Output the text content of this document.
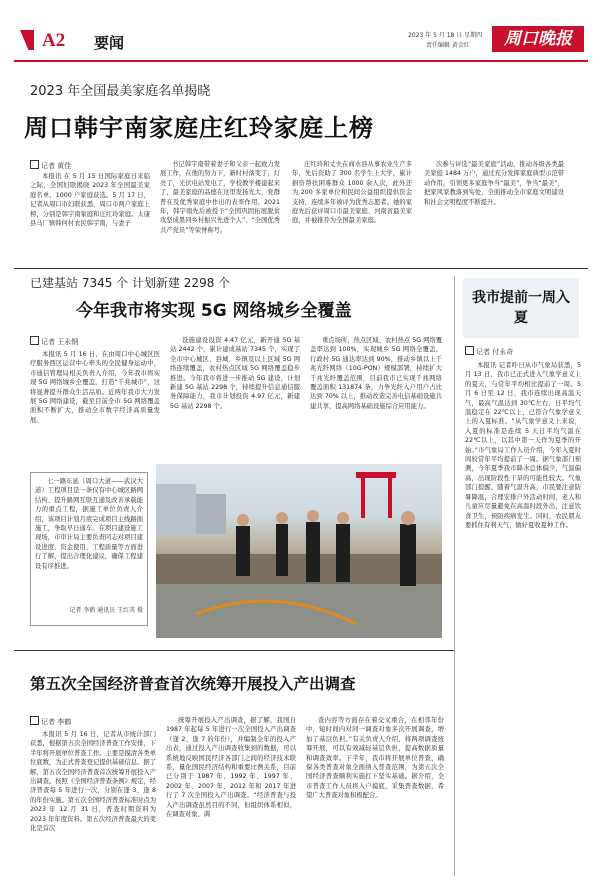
A2 要闻	2023 年 5 月 18 日 星期四
责任编辑 黄金红	周口晚报
2023 年全国最美家庭名单揭晓
周口韩宇南家庭庄红玲家庭上榜
记者 黄佳

本报讯 在 5 月 15 日国际家庭日来临之际，全国妇联揭晓 2023 年全国最美家庭名单，1000 户家庭获选。5 月 17 日，记者从周口市妇联获悉，周口市两户家庭上榜，分别是韩宇南家庭和庄红玲家庭。太康县马厂镇韩何村农民韩宇南，与妻子

书记韩宇南带着妻子和父亲一起致力发展工作，在他的努力下，新时村落变了，灯亮了，光伏电站发电了，学校教学楼建起来了，最美家庭的品德在这里发扬光大，党群普在及优秀家庭中作出的表率作用。2021 年，韩宇南先后被授予“全国巩固拓展脱贫攻坚成果同乡村振兴先进个人”、“全国优秀共产党员”等荣誉称号。

庄红玲和丈夫在商水县从事农业生产多年，先后资助了 300 名学生上大学，累计捐资帮扶困难群众 1000 余人次，此外还为 200 多家单位和民间公益组织提供资金支持，连续多年被评为优秀志愿者。她的家庭先后获评周口市最美家庭、河南省最美家庭，并被推荐为全国最美家庭。

次参与评选“最美家庭”活动，推动各级各类最美家庭 1484 万户，通过充分发挥家庭典型示范带动作用，引领更多家庭争当“最美”，争当“最美”，把家风家教落到实处，全面推动全市家庭文明建设和社会文明程度不断提升。

已建基站 7345 个 计划新建 2298 个
今年我市将实现 5G 网络城乡全覆盖
记者 王永钢

本报讯 5 月 16 日，在由周口中心城区医疗服务西区运营中心牵头的全民健身运动中，市通信管理局相关负责人介绍，今年我市将实现 5G 网络城乡全覆盖，打造“千兆城市”，这将显著提升群众生活品质。近两年我市大力发展 5G 网络建设，截至目前全市 5G 网络覆盖面积不断扩大，推动全市数字经济高质量发展。

设施建设投资 4.47 亿元，新开通 5G 基站 2442 个，累计建成基站 7345 个，实现了全市中心城区、县城、乡镇及以上区域 5G 网络连续覆盖，农村热点区域 5G 网络覆盖稳步推进。今年我市将进一步推动 5G 建设，计划新建 5G 基站 2298 个，持续提升信息通信服务保障能力，我市计划投资 4.97 亿元，新建 5G 基站 2298 个。

重点场所、热点区域、农村热点 5G 网络覆盖率达到 100%，实现城乡 5G 网络全覆盖，行政村 5G 通达率达到 90%，推动乡镇以上千兆光纤网络（10G-PON）规模部署，持续扩大千兆光纤覆盖范围，目前我市已实现千兆网络覆盖面积 131874 条，力争光纤入户用户占比达到 70% 以上，推动改造完善电信基础设施共建共享，提高网络基础设施综合应用能力。

七一路东延（周口大道——武汉大道）工程项目是一条仅有中心城区路网结构、提升路网互联互通及改善承载能力的重点工程，据施工单位负责人介绍，该项目计划月底完成项目主线路面施工，争取早日通车。在项目建设施工现场，市审计局主要负责同志对项目建设进度、资金使用、工程质量等方面进行了解，提出合理化建议，确保工程建设有序推进。

记者 李鹤 通讯员 王红英 摄
第五次全国经济普查首次统筹开展投入产出调查
记者 李鹤

本报讯 5 月 16 日，记者从市统计部门获悉，根据第五次全国经济普查工作安排，下半年将开展单位普查工作。主要是摸清各类单位底数，为正式普查登记提供基础信息。据了解，第五次全国经济普查首次统筹开展投入产出调查。按照《全国经济普查条例》规定，经济普查每 5 年进行一次，分别在逢 3、逢 8 的年份实施。第五次全国经济普查标准时点为 2023 年 12 月 31 日，普查时期资料为 2023 年年度资料。第五次经济普查最大的变化是首次

统筹开展投入产出调查，据了解，我国自 1987 年起每 5 年进行一次全国投入产出调查（逢 2、逢 7 的年份），并编制全年的投入产出表，通过投入产出调查收集到的数据，可以系统地反映国民经济各部门之间的经济技术联系，量化国民经济结构和重要比例关系，目前已分别于 1987 年、1992 年、1997 年、2002 年、2007 年、2012 年和 2017 年进行了 7 次全国投入产出调查。“经济普查与投入产出调查虽然目的不同，但组织体系相似，在调查对象、调

查内容等方面存在着交叉重合，在相邻年份中，短时间内对同一调查对象多次开展调查，增加了基层负担。”有关负责人介绍，将两项调查统筹开展，可以有效减轻基层负担，提高数据质量和调查效率。下半年，我市将开展单位普查，确保各类普查对象全面纳入普查范围，为第五次全国经济普查顺利实施打下坚实基础。据介绍，全市普查工作人员将入户摸底，采集普查数据，希望广大普查对象积极配合。

我市提前一周入夏
记者 付永奇

本报讯 记者昨日从市气象局获悉，5 月 13 日，我市已正式进入气象学意义上的夏天，与常年平均相比提前了一周。5 月 6 日至 12 日，我市连续出现高温天气，最高气温达到 30℃左右，日平均气温稳定在 22℃以上，已符合气象学意义上的入夏标准。“从气象学意义上来说，入夏的标准是连续 5 天日平均气温在 22℃以上，以其中第一天作为夏季的开始。”市气象局工作人员介绍，今年入夏时间较常年平均提前了一周。据气象部门预测，今年夏季我市降水总体偏少，气温偏高，出现阶段性干旱的可能性较大。气象部门提醒，随着气温升高，市民要注意防暑降温，合理安排户外活动时间，老人和儿童应尽量避免在高温时段外出，注意饮食卫生，预防疾病发生。同时，农民朋友要抓住有利天气，做好夏收夏种工作。
